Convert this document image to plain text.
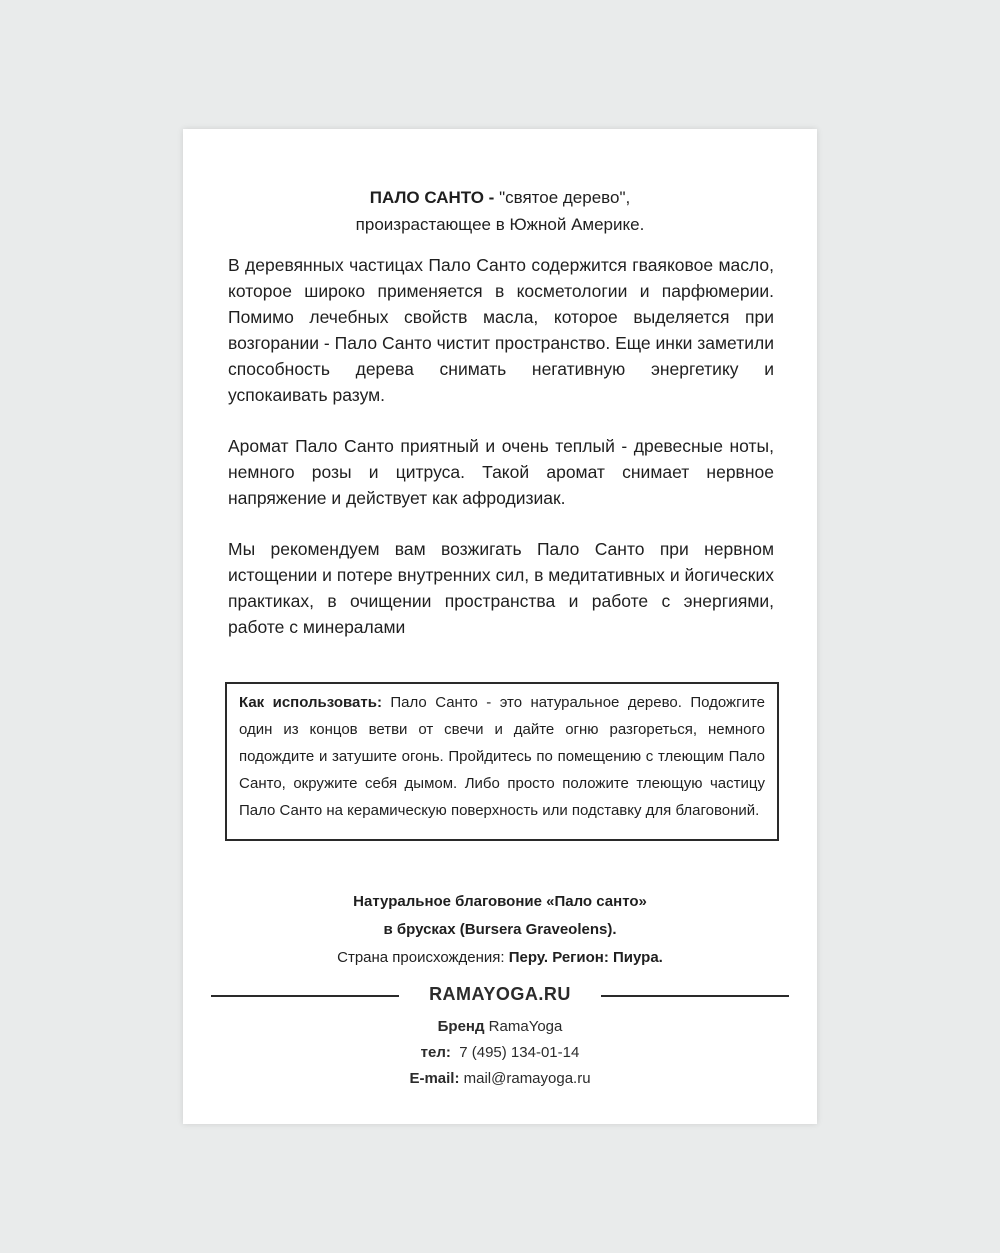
ПАЛО САНТО - "святое дерево",
произрастающее в Южной Америке.

В деревянных частицах Пало Санто содержится гваяковое масло, которое широко применяется в косметологии и парфюмерии. Помимо лечебных свойств масла, которое выделяется при возгорании - Пало Санто чистит пространство. Еще инки заметили способность дерева снимать негативную энергетику и успокаивать разум.

Аромат Пало Санто приятный и очень теплый - древесные ноты, немного розы и цитруса. Такой аромат снимает нервное напряжение и действует как афродизиак.

Мы рекомендуем вам возжигать Пало Санто при нервном истощении и потере внутренних сил, в медитативных и йогических практиках, в очищении пространства и работе с энергиями, работе с минералами

Как использовать: Пало Санто - это натуральное дерево. Подожгите один из концов ветви от свечи и дайте огню разгореться, немного подождите и затушите огонь. Пройдитесь по помещению с тлеющим Пало Санто, окружите себя дымом. Либо просто положите тлеющую частицу Пало Санто на керамическую поверхность или подставку для благовоний.
Натуральное благовоние «Пало санто»
в брусках (Bursera Graveolens).
Страна происхождения: Перу. Регион: Пиура.
RAMAYOGA.RU
Бренд RamaYoga
тел:  7 (495) 134-01-14
E-mail: mail@ramayoga.ru
